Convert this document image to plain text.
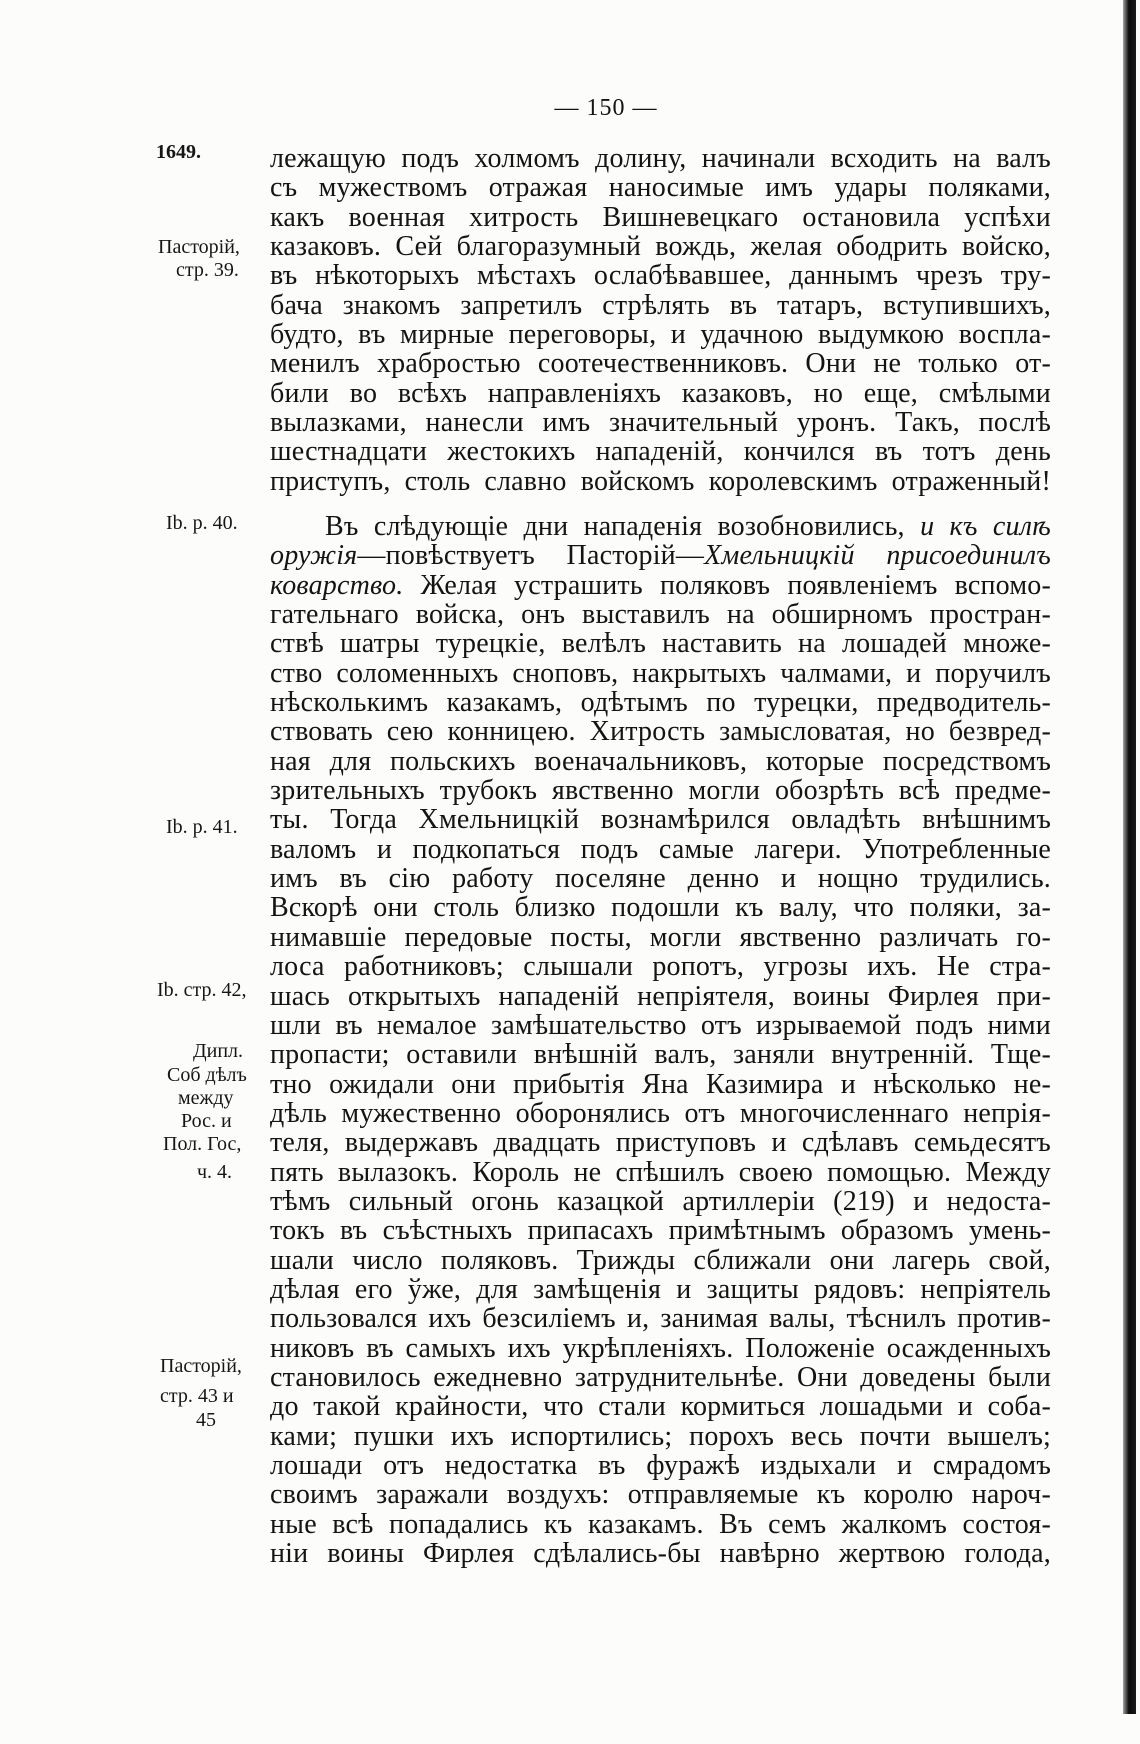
— 150 —
1649.
Пасторій,
стр. 39.
Ib. p. 40.
Ib. p. 41.
Ib. стр. 42,
Дипл.
Соб дѣлъ
между
Рос. и
Пол. Гос,
ч. 4.
Пасторій,
стр. 43 и
45
лежащую подъ холмомъ долину, начинали всходить на валъ
съ мужествомъ отражая наносимые имъ удары поляками,
какъ военная хитрость Вишневецкаго остановила успѣхи
казаковъ. Сей благоразумный вождь, желая ободрить войско,
въ нѣкоторыхъ мѣстахъ ослабѣвавшее, даннымъ чрезъ тру-
бача знакомъ запретилъ стрѣлять въ татаръ, вступившихъ,
будто, въ мирные переговоры, и удачною выдумкою воспла-
менилъ храбростью соотечественниковъ. Они не только от-
били во всѣхъ направленіяхъ казаковъ, но еще, смѣлыми
вылазками, нанесли имъ значительный уронъ. Такъ, послѣ
шестнадцати жестокихъ нападеній, кончился въ тотъ день
приступъ, столь славно войскомъ королевскимъ отраженный!
Въ слѣдующіе дни нападенія возобновились, и къ силѣ
оружія—повѣствуетъ Пасторій—Хмельницкій присоединилъ
коварство. Желая устрашить поляковъ появленіемъ вспомо-
гательнаго войска, онъ выставилъ на обширномъ простран-
ствѣ шатры турецкіе, велѣлъ наставить на лошадей множе-
ство соломенныхъ сноповъ, накрытыхъ чалмами, и поручилъ
нѣсколькимъ казакамъ, одѣтымъ по турецки, предводитель-
ствовать сею конницею. Хитрость замысловатая, но безвред-
ная для польскихъ военачальниковъ, которые посредствомъ
зрительныхъ трубокъ явственно могли обозрѣть всѣ предме-
ты. Тогда Хмельницкій вознамѣрился овладѣть внѣшнимъ
валомъ и подкопаться подъ самые лагери. Употребленные
имъ въ сію работу поселяне денно и нощно трудились.
Вскорѣ они столь близко подошли къ валу, что поляки, за-
нимавшіе передовые посты, могли явственно различать го-
лоса работниковъ; слышали ропотъ, угрозы ихъ. Не стра-
шась открытыхъ нападеній непріятеля, воины Фирлея при-
шли въ немалое замѣшательство отъ изрываемой подъ ними
пропасти; оставили внѣшній валъ, заняли внутренній. Тще-
тно ожидали они прибытія Яна Казимира и нѣсколько не-
дѣль мужественно оборонялись отъ многочисленнаго непрія-
теля, выдержавъ двадцать приступовъ и сдѣлавъ семьдесятъ
пять вылазокъ. Король не спѣшилъ своею помощью. Между
тѣмъ сильный огонь казацкой артиллеріи (219) и недоста-
токъ въ съѣстныхъ припасахъ примѣтнымъ образомъ умень-
шали число поляковъ. Трижды сближали они лагерь свой,
дѣлая его ўже, для замѣщенія и защиты рядовъ: непріятель
пользовался ихъ безсиліемъ и, занимая валы, тѣснилъ против-
никовъ въ самыхъ ихъ укрѣпленіяхъ. Положеніе осажденныхъ
становилось ежедневно затруднительнѣе. Они доведены были
до такой крайности, что стали кормиться лошадьми и соба-
ками; пушки ихъ испортились; порохъ весь почти вышелъ;
лошади отъ недостатка въ фуражѣ издыхали и смрадомъ
своимъ заражали воздухъ: отправляемые къ королю нароч-
ные всѣ попадались къ казакамъ. Въ семъ жалкомъ состоя-
ніи воины Фирлея сдѣлались-бы навѣрно жертвою голода,
